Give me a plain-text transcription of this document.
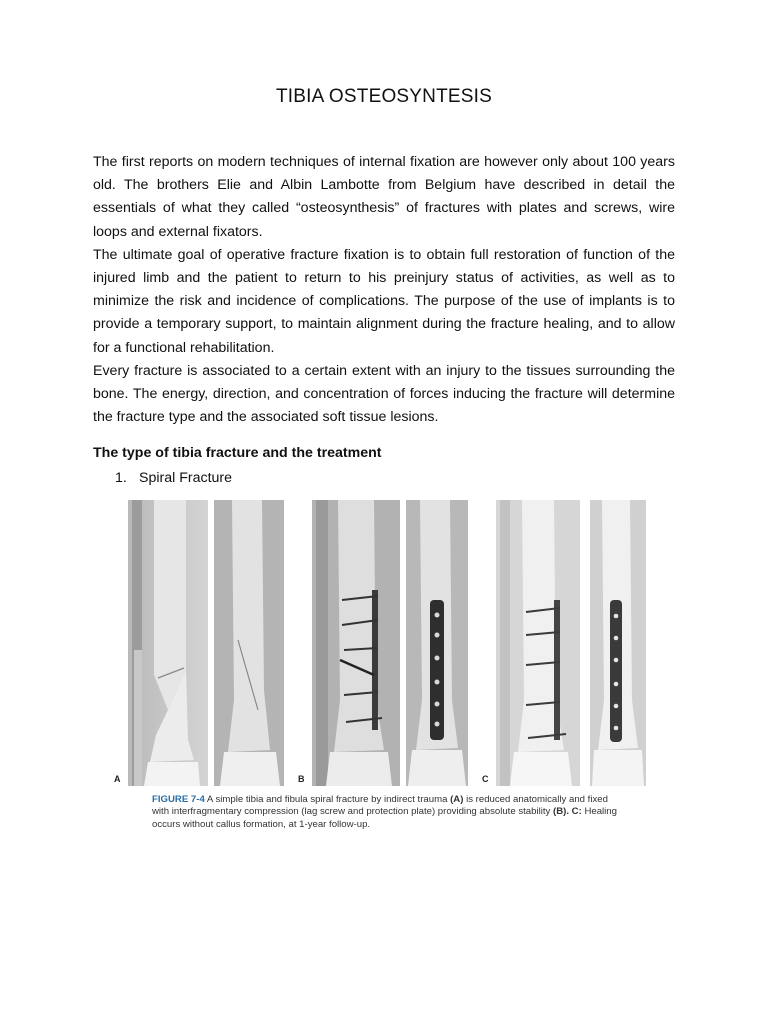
TIBIA OSTEOSYNTESIS

The first reports on modern techniques of internal fixation are however only about 100 years old. The brothers Elie and Albin Lambotte from Belgium have described in detail the essentials of what they called “osteosynthesis” of fractures with plates and screws, wire loops and external fixators.

The ultimate goal of operative fracture fixation is to obtain full restoration of function of the injured limb and the patient to return to his preinjury status of activities, as well as to minimize the risk and incidence of complications. The purpose of the use of implants is to provide a temporary support, to maintain alignment during the fracture healing, and to allow for a functional rehabilitation.

Every fracture is associated to a certain extent with an injury to the tissues surrounding the bone. The energy, direction, and concentration of forces inducing the fracture will determine the fracture type and the associated soft tissue lesions.

The type of tibia fracture and the treatment
1. Spiral Fracture
A	B	C
FIGURE 7-4 A simple tibia and fibula spiral fracture by indirect trauma (A) is reduced anatomically and fixed with interfragmentary compression (lag screw and protection plate) providing absolute stability (B). C: Healing occurs without callus formation, at 1-year follow-up.
